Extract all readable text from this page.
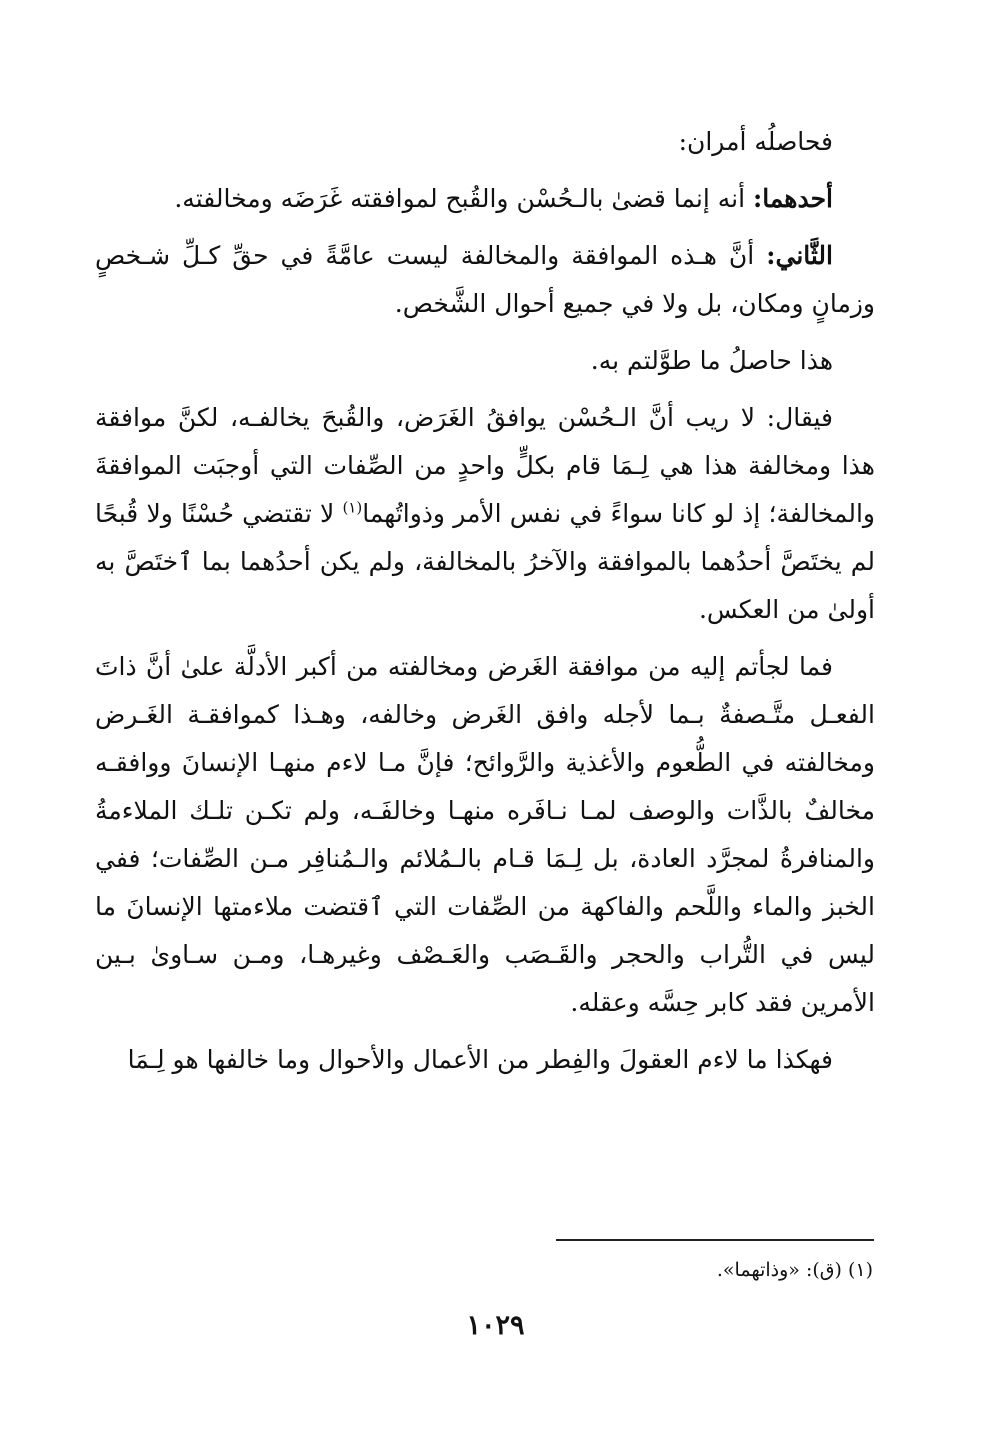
فحاصلُه أمران:

أحدهما: أنه إنما قضىٰ بالـحُسْن والقُبح لموافقته غَرَضَه ومخالفته.

الثَّاني: أنَّ هـذه الموافقة والمخالفة ليست عامَّةً في حقِّ كـلِّ شـخصٍ وزمانٍ ومكان، بل ولا في جميع أحوال الشَّخص.

هذا حاصلُ ما طوَّلتم به.

فيقال: لا ريب أنَّ الـحُسْن يوافقُ الغَرَض، والقُبحَ يخالفـه، لكنَّ موافقة هذا ومخالفة هذا هي لِـمَا قام بكلٍّ واحدٍ من الصِّفات التي أوجبَت الموافقةَ والمخالفة؛ إذ لو كانا سواءً في نفس الأمر وذواتُهما$^{(١)}$ لا تقتضي حُسْنًا ولا قُبحًا لم يختَصَّ أحدُهما بالموافقة والآخرُ بالمخالفة، ولم يكن أحدُهما بما ٱختَصَّ به أولىٰ من العكس.

فما لجأتم إليه من موافقة الغَرض ومخالفته من أكبر الأدلَّة علىٰ أنَّ ذاتَ الفعـل متَّـصفةٌ بـما لأجله وافق الغَرض وخالفه، وهـذا كموافقـة الغَـرض ومخالفته في الطُّعوم والأغذية والرَّوائح؛ فإنَّ مـا لاءم منهـا الإنسانَ ووافقـه مخالفٌ بالذَّات والوصف لمـا نـافَره منهـا وخالفَـه، ولم تكـن تلـك الملاءمةُ والمنافرةُ لمجرَّد العادة، بل لِـمَا قـام بالـمُلائم والـمُنافِر مـن الصِّفات؛ ففي الخبز والماء واللَّحم والفاكهة من الصِّفات التي ٱقتضت ملاءمتها الإنسانَ ما ليس في التُّراب والحجر والقَـصَب والعَـصْف وغيرهـا، ومـن سـاوىٰ بـين الأمرين فقد كابر حِسَّه وعقله.

فهكذا ما لاءم العقولَ والفِطر من الأعمال والأحوال وما خالفها هو لِـمَا

(١) (ق): «وذاتهما».
١٠٢٩
